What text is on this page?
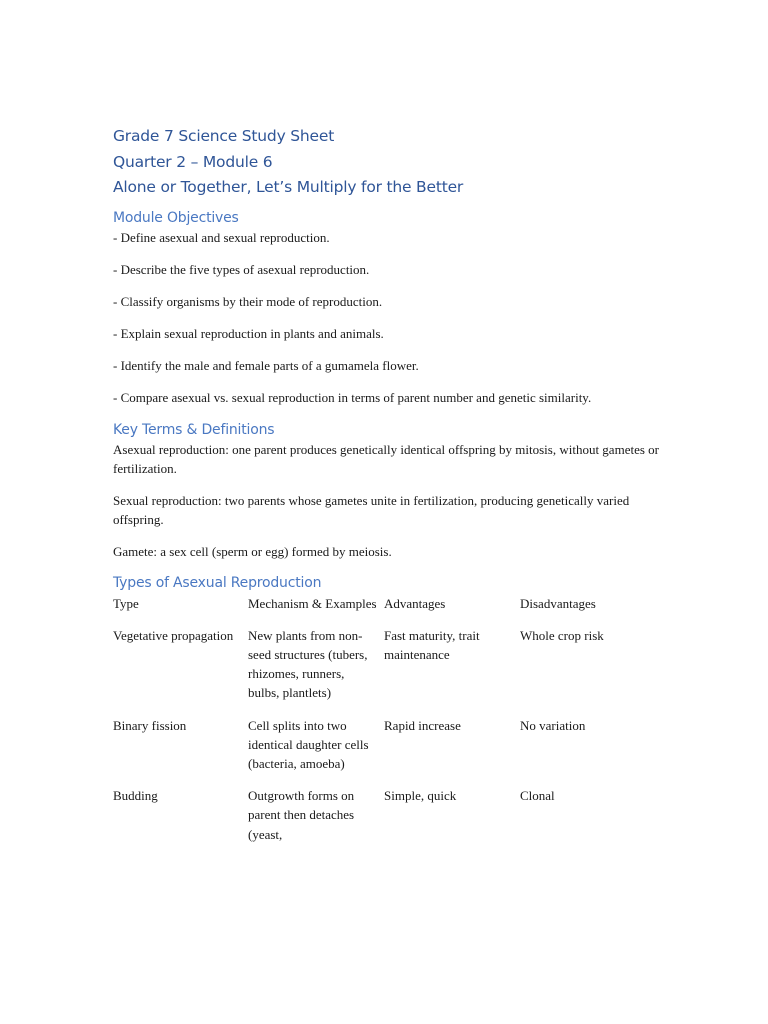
Grade 7 Science Study Sheet

Quarter 2 – Module 6

Alone or Together, Let’s Multiply for the Better

Module Objectives

- Define asexual and sexual reproduction.

- Describe the five types of asexual reproduction.

- Classify organisms by their mode of reproduction.

- Explain sexual reproduction in plants and animals.

- Identify the male and female parts of a gumamela flower.

- Compare asexual vs. sexual reproduction in terms of parent number and genetic similarity.

Key Terms & Definitions

Asexual reproduction: one parent produces genetically identical offspring by mitosis, without gametes or fertilization.

Sexual reproduction: two parents whose gametes unite in fertilization, producing genetically varied offspring.

Gamete: a sex cell (sperm or egg) formed by meiosis.

Types of Asexual Reproduction
Type	Mechanism & Examples	Advantages	Disadvantages

Vegetative propagation	New plants from non-seed structures (tubers, rhizomes, runners, bulbs, plantlets)	Fast maturity, trait maintenance	Whole crop risk

Binary fission	Cell splits into two identical daughter cells (bacteria, amoeba)	Rapid increase	No variation

Budding	Outgrowth forms on parent then detaches (yeast,	Simple, quick	Clonal
